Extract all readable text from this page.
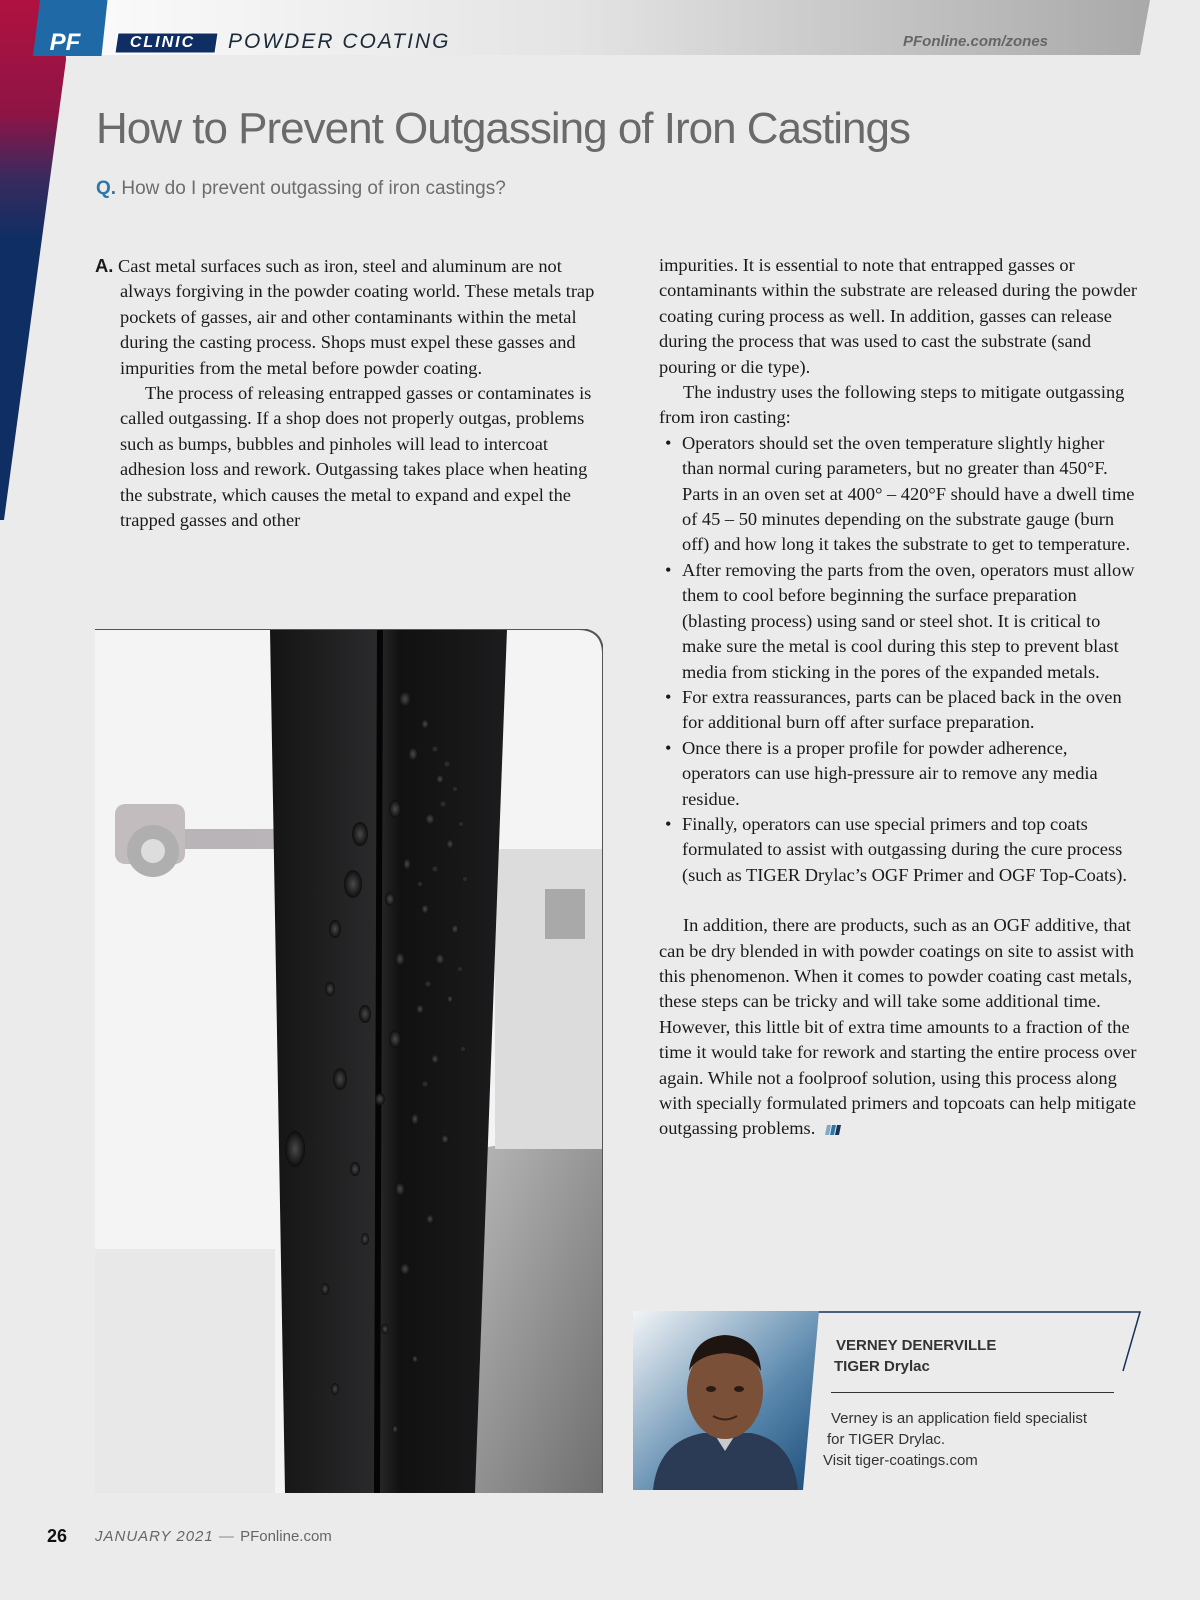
PF	CLINIC	POWDER COATING	PFonline.com/zones
How to Prevent Outgassing of Iron Castings
Q. How do I prevent outgassing of iron castings?

A. Cast metal surfaces such as iron, steel and aluminum are not always forgiving in the powder coating world. These metals trap pockets of gasses, air and other contaminants within the metal during the casting process. Shops must expel these gasses and impurities from the metal before powder coating.

The process of releasing entrapped gasses or contaminates is called outgassing. If a shop does not properly outgas, problems such as bumps, bubbles and pinholes will lead to intercoat adhesion loss and rework. Outgassing takes place when heating the substrate, which causes the metal to expand and expel the trapped gasses and other

impurities. It is essential to note that entrapped gasses or contaminants within the substrate are released during the powder coating curing process as well. In addition, gasses can release during the process that was used to cast the substrate (sand pouring or die type).

The industry uses the following steps to mitigate outgassing from iron casting:

• Operators should set the oven temperature slightly higher than normal curing parameters, but no greater than 450°F. Parts in an oven set at 400° – 420°F should have a dwell time of 45 – 50 minutes depending on the substrate gauge (burn off) and how long it takes the substrate to get to temperature.
• After removing the parts from the oven, operators must allow them to cool before beginning the surface preparation (blasting process) using sand or steel shot. It is critical to make sure the metal is cool during this step to prevent blast media from sticking in the pores of the expanded metals.
• For extra reassurances, parts can be placed back in the oven for additional burn off after surface preparation.
• Once there is a proper profile for powder adherence, operators can use high-pressure air to remove any media residue.
• Finally, operators can use special primers and top coats formulated to assist with outgassing during the cure process (such as TIGER Drylac’s OGF Primer and OGF Top-Coats).

In addition, there are products, such as an OGF additive, that can be dry blended in with powder coatings on site to assist with this phenomenon. When it comes to powder coating cast metals, these steps can be tricky and will take some additional time. However, this little bit of extra time amounts to a fraction of the time it would take for rework and starting the entire process over again. While not a foolproof solution, using this process along with specially formulated primers and topcoats can help mitigate outgassing problems.

VERNEY DENERVILLE
TIGER Drylac
Verney is an application field specialist
for TIGER Drylac.
Visit tiger-coatings.com
26 JANUARY 2021 — PFonline.com
